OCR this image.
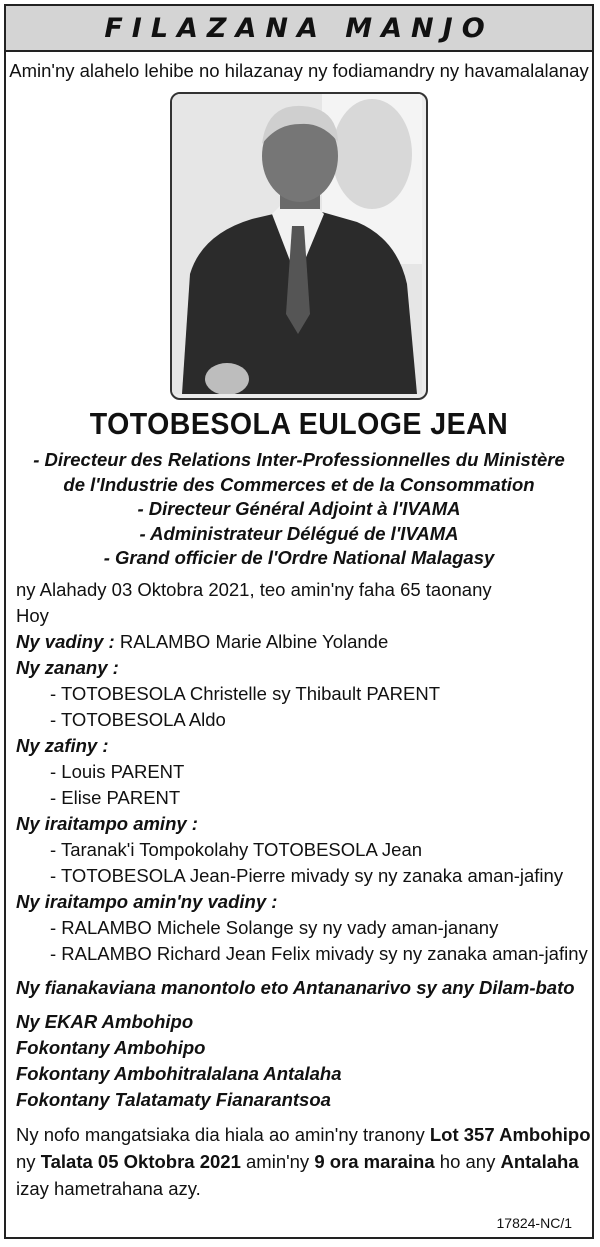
FILAZANA MANJO
Amin'ny alahelo lehibe no hilazanay ny fodiamandry ny havamalalanay
TOTOBESOLA EULOGE JEAN
- Directeur des Relations Inter-Professionnelles du Ministère
de l'Industrie des Commerces et de la Consommation
- Directeur Général Adjoint à l'IVAMA
- Administrateur Délégué de l'IVAMA
- Grand officier de l'Ordre National Malagasy
ny Alahady 03 Oktobra 2021, teo amin'ny faha 65 taonany
Hoy
Ny vadiny : RALAMBO Marie Albine Yolande
Ny zanany :
- TOTOBESOLA Christelle sy Thibault PARENT
- TOTOBESOLA Aldo
Ny zafiny :
- Louis PARENT
- Elise PARENT
Ny iraitampo aminy :
- Taranak'i Tompokolahy TOTOBESOLA Jean
- TOTOBESOLA Jean-Pierre mivady sy ny zanaka aman-jafiny
Ny iraitampo amin'ny vadiny :
- RALAMBO Michele Solange sy ny vady aman-janany
- RALAMBO Richard Jean Felix mivady sy ny zanaka aman-jafiny
Ny fianakaviana manontolo eto Antananarivo sy any Dilam-bato
Ny EKAR Ambohipo
Fokontany Ambohipo
Fokontany Ambohitralalana Antalaha
Fokontany Talatamaty Fianarantsoa
Ny nofo mangatsiaka dia hiala ao amin'ny tranony Lot 357 Ambohipo
ny Talata 05 Oktobra 2021 amin'ny 9 ora maraina ho any Antalaha
izay hametrahana azy.
17824-NC/1
